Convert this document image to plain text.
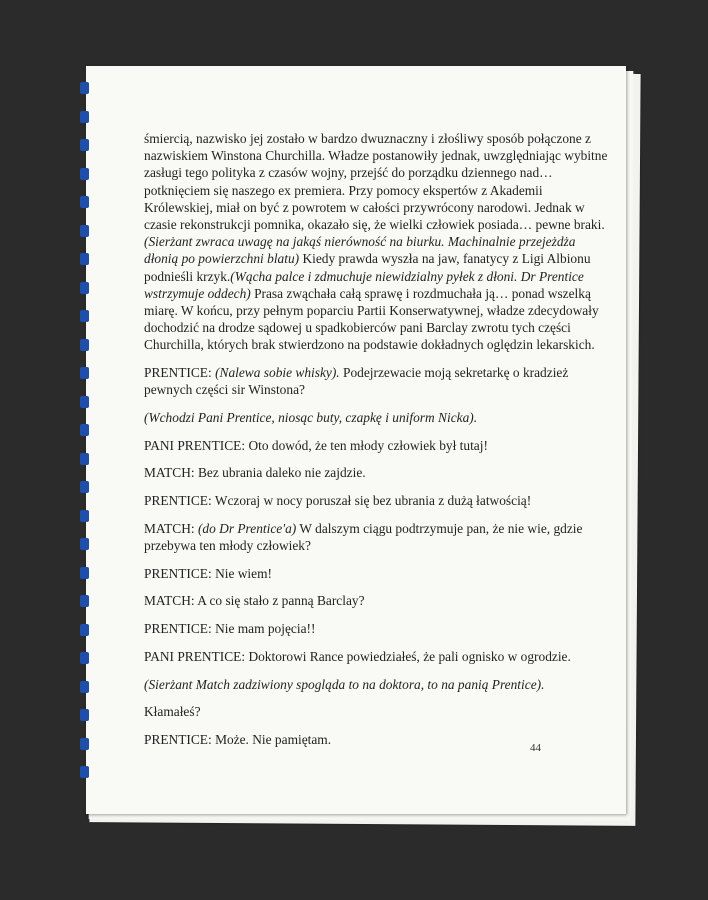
śmiercią, nazwisko jej zostało w bardzo dwuznaczny i złośliwy sposób połączone z nazwiskiem Winstona Churchilla. Władze postanowiły jednak, uwzględniając wybitne zasługi tego polityka z czasów wojny, przejść do porządku dziennego nad… potknięciem się naszego ex premiera. Przy pomocy ekspertów z Akademii Królewskiej, miał on być z powrotem w całości przywrócony narodowi. Jednak w czasie rekonstrukcji pomnika, okazało się, że wielki człowiek posiada… pewne braki. (Sierżant zwraca uwagę na jakąś nierówność na biurku. Machinalnie przejeżdża dłonią po powierzchni blatu) Kiedy prawda wyszła na jaw, fanatycy z Ligi Albionu podnieśli krzyk.(Wącha palce i zdmuchuje niewidzialny pyłek z dłoni. Dr Prentice wstrzymuje oddech) Prasa zwąchała całą sprawę i rozdmuchała ją… ponad wszelką miarę. W końcu, przy pełnym poparciu Partii Konserwatywnej, władze zdecydowały dochodzić na drodze sądowej u spadkobierców pani Barclay zwrotu tych części Churchilla, których brak stwierdzono na podstawie dokładnych oględzin lekarskich.

PRENTICE: (Nalewa sobie whisky). Podejrzewacie moją sekretarkę o kradzież pewnych części sir Winstona?

(Wchodzi Pani Prentice, niosąc buty, czapkę i uniform Nicka).

PANI PRENTICE: Oto dowód, że ten młody człowiek był tutaj!

MATCH: Bez ubrania daleko nie zajdzie.

PRENTICE: Wczoraj w nocy poruszał się bez ubrania z dużą łatwością!

MATCH: (do Dr Prentice'a) W dalszym ciągu podtrzymuje pan, że nie wie, gdzie przebywa ten młody człowiek?

PRENTICE: Nie wiem!

MATCH: A co się stało z panną Barclay?

PRENTICE: Nie mam pojęcia!!

PANI PRENTICE: Doktorowi Rance powiedziałeś, że pali ognisko w ogrodzie.

(Sierżant Match zadziwiony spogląda to na doktora, to na panią Prentice).

Kłamałeś?

PRENTICE: Może. Nie pamiętam.

44
